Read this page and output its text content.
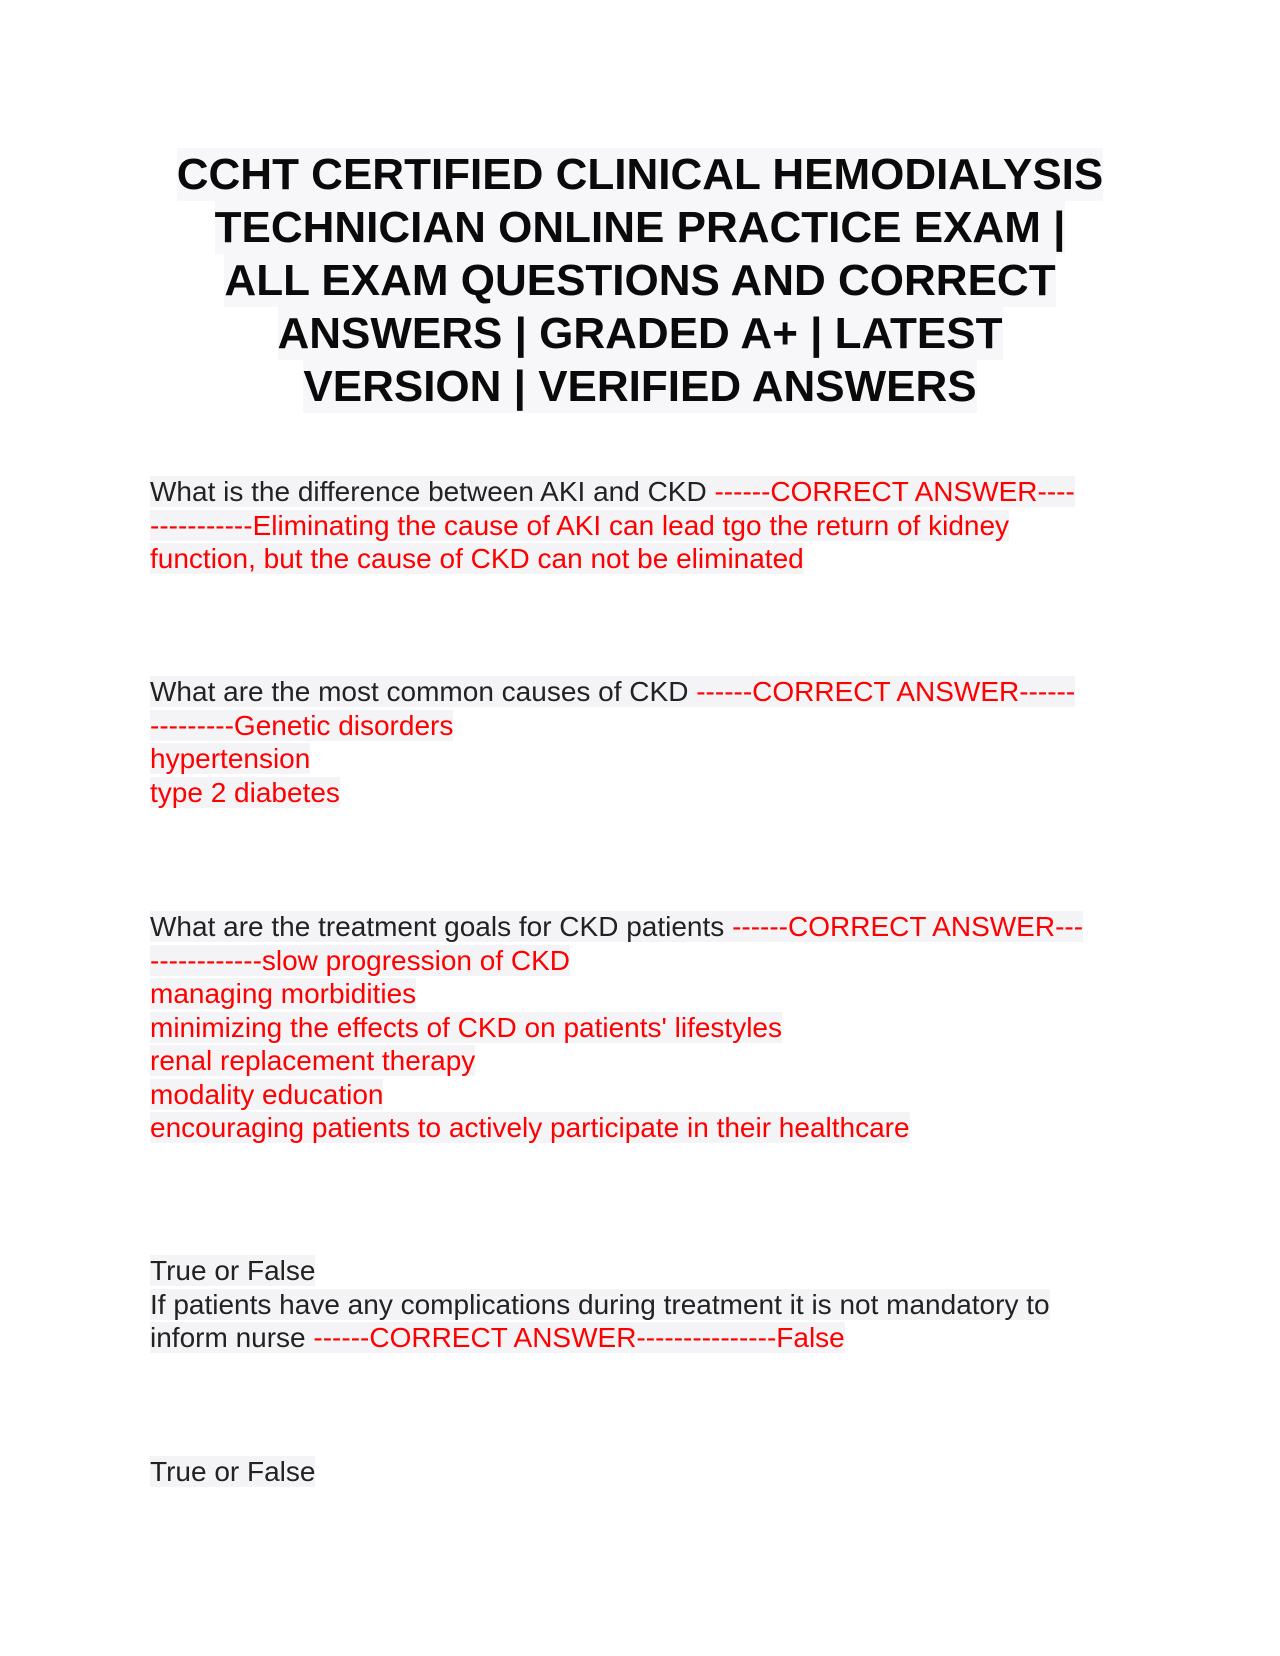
CCHT CERTIFIED CLINICAL HEMODIALYSIS
TECHNICIAN ONLINE PRACTICE EXAM |
ALL EXAM QUESTIONS AND CORRECT
ANSWERS | GRADED A+ | LATEST
VERSION | VERIFIED ANSWERS
What is the difference between AKI and CKD ------CORRECT ANSWER----
-----------Eliminating the cause of AKI can lead tgo the return of kidney
function, but the cause of CKD can not be eliminated
What are the most common causes of CKD ------CORRECT ANSWER------
---------Genetic disorders
hypertension
type 2 diabetes
What are the treatment goals for CKD patients ------CORRECT ANSWER---
------------slow progression of CKD
managing morbidities
minimizing the effects of CKD on patients' lifestyles
renal replacement therapy
modality education
encouraging patients to actively participate in their healthcare
True or False
If patients have any complications during treatment it is not mandatory to
inform nurse ------CORRECT ANSWER---------------False
True or False
